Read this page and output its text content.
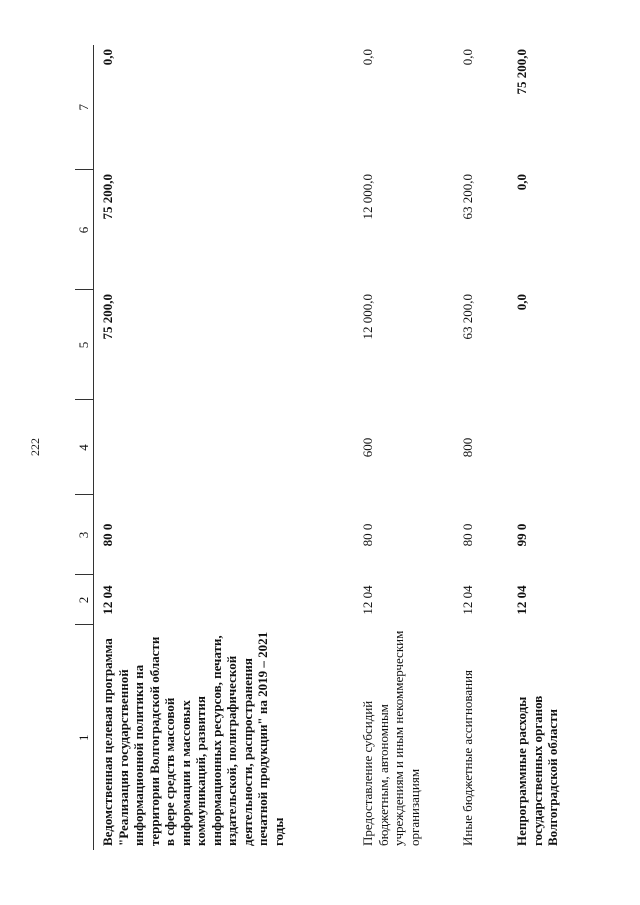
222
1	2	3	4	5	6	7
Ведомственная целевая программа "Реализация государственной информационной политики на территории Волгоградской области в сфере средств массовой информации и массовых коммуникаций, развития информационных ресурсов, печати, издательской, полиграфической деятельности, распространения печатной продукции" на 2019 – 2021 годы	12 04	80 0		75 200,0	75 200,0	0,0
Предоставление субсидий бюджетным, автономным учреждениям и иным некоммерческим организациям	12 04	80 0	600	12 000,0	12 000,0	0,0
Иные бюджетные ассигнования	12 04	80 0	800	63 200,0	63 200,0	0,0
Непрограммные расходы государственных органов Волгоградской области	12 04	99 0		0,0	0,0	75 200,0
